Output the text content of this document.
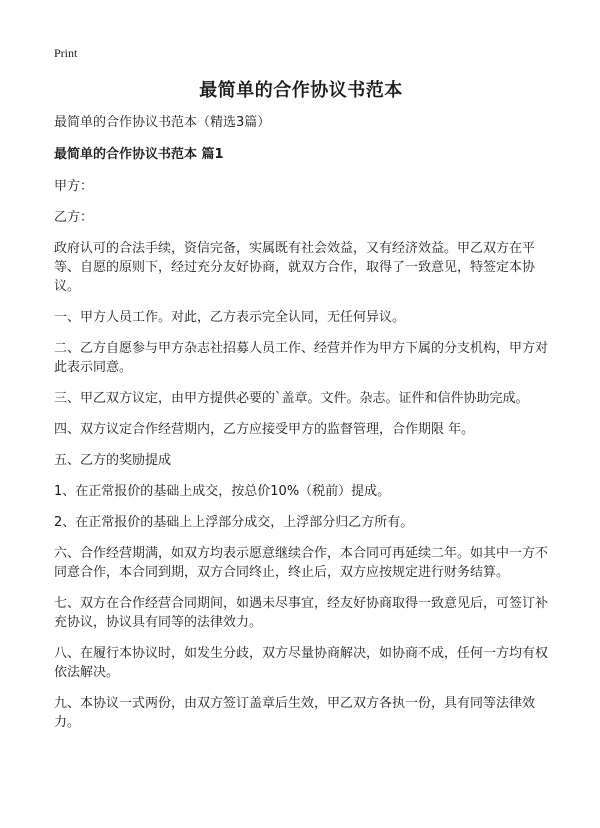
Print
最简单的合作协议书范本
最简单的合作协议书范本（精选3篇）
最简单的合作协议书范本 篇1

甲方：

乙方：

政府认可的合法手续，资信完备，实属既有社会效益，又有经济效益。甲乙双方在平等、自愿的原则下，经过充分友好协商，就双方合作，取得了一致意见，特签定本协议。

一、甲方人员工作。对此，乙方表示完全认同，无任何异议。

二、乙方自愿参与甲方杂志社招募人员工作、经营并作为甲方下属的分支机构，甲方对此表示同意。

三、甲乙双方议定，由甲方提供必要的`盖章。文件。杂志。证件和信件协助完成。

四、双方议定合作经营期内，乙方应接受甲方的监督管理，合作期限 年。

五、乙方的奖励提成

1、在正常报价的基础上成交，按总价10%（税前）提成。

2、在正常报价的基础上上浮部分成交，上浮部分归乙方所有。

六、合作经营期满，如双方均表示愿意继续合作，本合同可再延续二年。如其中一方不同意合作，本合同到期，双方合同终止，终止后，双方应按规定进行财务结算。

七、双方在合作经营合同期间，如遇未尽事宜，经友好协商取得一致意见后，可签订补充协议，协议具有同等的法律效力。

八、在履行本协议时，如发生分歧，双方尽量协商解决，如协商不成，任何一方均有权依法解决。

九、本协议一式两份，由双方签订盖章后生效，甲乙双方各执一份，具有同等法律效力。
